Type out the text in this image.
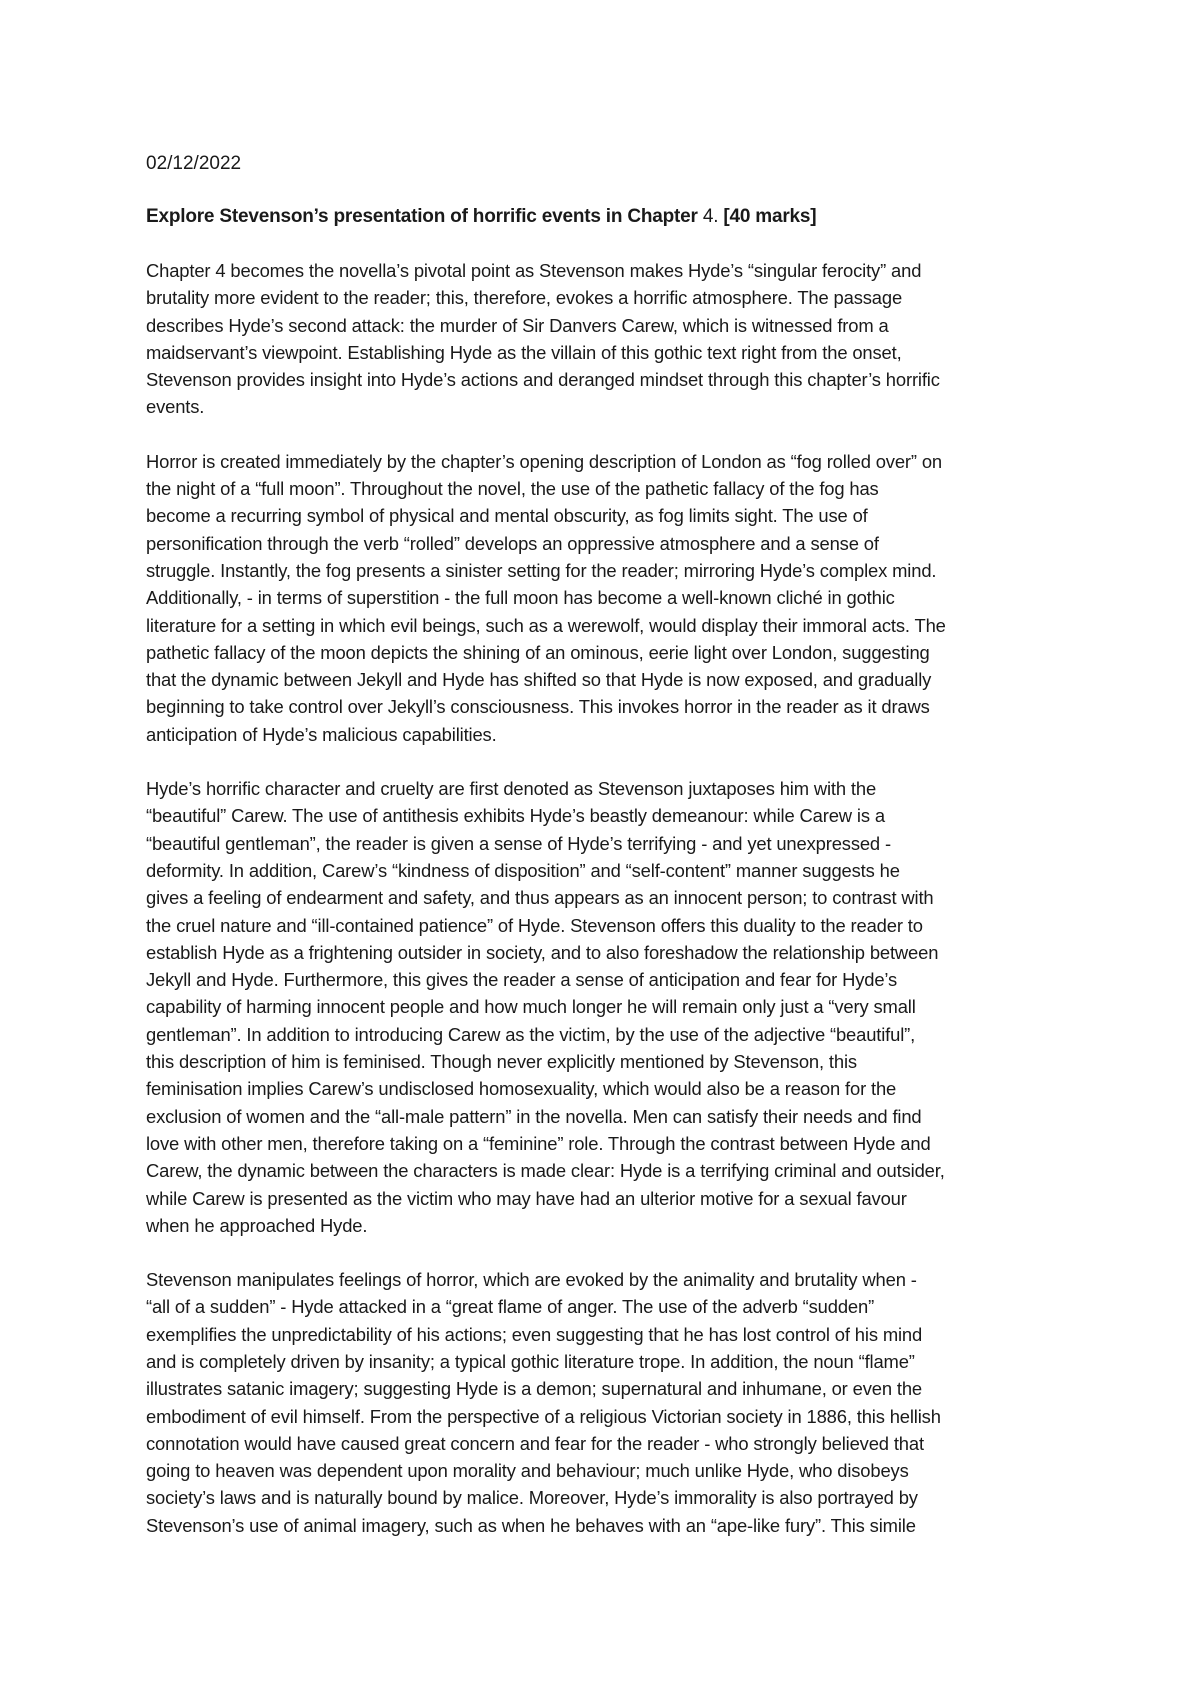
02/12/2022
Explore Stevenson’s presentation of horrific events in Chapter 4. [40 marks]
Chapter 4 becomes the novella’s pivotal point as Stevenson makes Hyde’s “singular ferocity” and
brutality more evident to the reader; this, therefore, evokes a horrific atmosphere. The passage
describes Hyde’s second attack: the murder of Sir Danvers Carew, which is witnessed from a
maidservant’s viewpoint. Establishing Hyde as the villain of this gothic text right from the onset,
Stevenson provides insight into Hyde’s actions and deranged mindset through this chapter’s horrific
events.
Horror is created immediately by the chapter’s opening description of London as “fog rolled over” on
the night of a “full moon”. Throughout the novel, the use of the pathetic fallacy of the fog has
become a recurring symbol of physical and mental obscurity, as fog limits sight. The use of
personification through the verb “rolled” develops an oppressive atmosphere and a sense of
struggle. Instantly, the fog presents a sinister setting for the reader; mirroring Hyde’s complex mind.
Additionally, - in terms of superstition - the full moon has become a well-known cliché in gothic
literature for a setting in which evil beings, such as a werewolf, would display their immoral acts. The
pathetic fallacy of the moon depicts the shining of an ominous, eerie light over London, suggesting
that the dynamic between Jekyll and Hyde has shifted so that Hyde is now exposed, and gradually
beginning to take control over Jekyll’s consciousness. This invokes horror in the reader as it draws
anticipation of Hyde’s malicious capabilities.
Hyde’s horrific character and cruelty are first denoted as Stevenson juxtaposes him with the
“beautiful” Carew. The use of antithesis exhibits Hyde’s beastly demeanour: while Carew is a
“beautiful gentleman”, the reader is given a sense of Hyde’s terrifying - and yet unexpressed -
deformity. In addition, Carew’s “kindness of disposition” and “self-content” manner suggests he
gives a feeling of endearment and safety, and thus appears as an innocent person; to contrast with
the cruel nature and “ill-contained patience” of Hyde. Stevenson offers this duality to the reader to
establish Hyde as a frightening outsider in society, and to also foreshadow the relationship between
Jekyll and Hyde. Furthermore, this gives the reader a sense of anticipation and fear for Hyde’s
capability of harming innocent people and how much longer he will remain only just a “very small
gentleman”. In addition to introducing Carew as the victim, by the use of the adjective “beautiful”,
this description of him is feminised. Though never explicitly mentioned by Stevenson, this
feminisation implies Carew’s undisclosed homosexuality, which would also be a reason for the
exclusion of women and the “all-male pattern” in the novella. Men can satisfy their needs and find
love with other men, therefore taking on a “feminine” role. Through the contrast between Hyde and
Carew, the dynamic between the characters is made clear: Hyde is a terrifying criminal and outsider,
while Carew is presented as the victim who may have had an ulterior motive for a sexual favour
when he approached Hyde.
Stevenson manipulates feelings of horror, which are evoked by the animality and brutality when -
“all of a sudden” - Hyde attacked in a “great flame of anger. The use of the adverb “sudden”
exemplifies the unpredictability of his actions; even suggesting that he has lost control of his mind
and is completely driven by insanity; a typical gothic literature trope. In addition, the noun “flame”
illustrates satanic imagery; suggesting Hyde is a demon; supernatural and inhumane, or even the
embodiment of evil himself. From the perspective of a religious Victorian society in 1886, this hellish
connotation would have caused great concern and fear for the reader - who strongly believed that
going to heaven was dependent upon morality and behaviour; much unlike Hyde, who disobeys
society’s laws and is naturally bound by malice. Moreover, Hyde’s immorality is also portrayed by
Stevenson’s use of animal imagery, such as when he behaves with an “ape-like fury”. This simile
